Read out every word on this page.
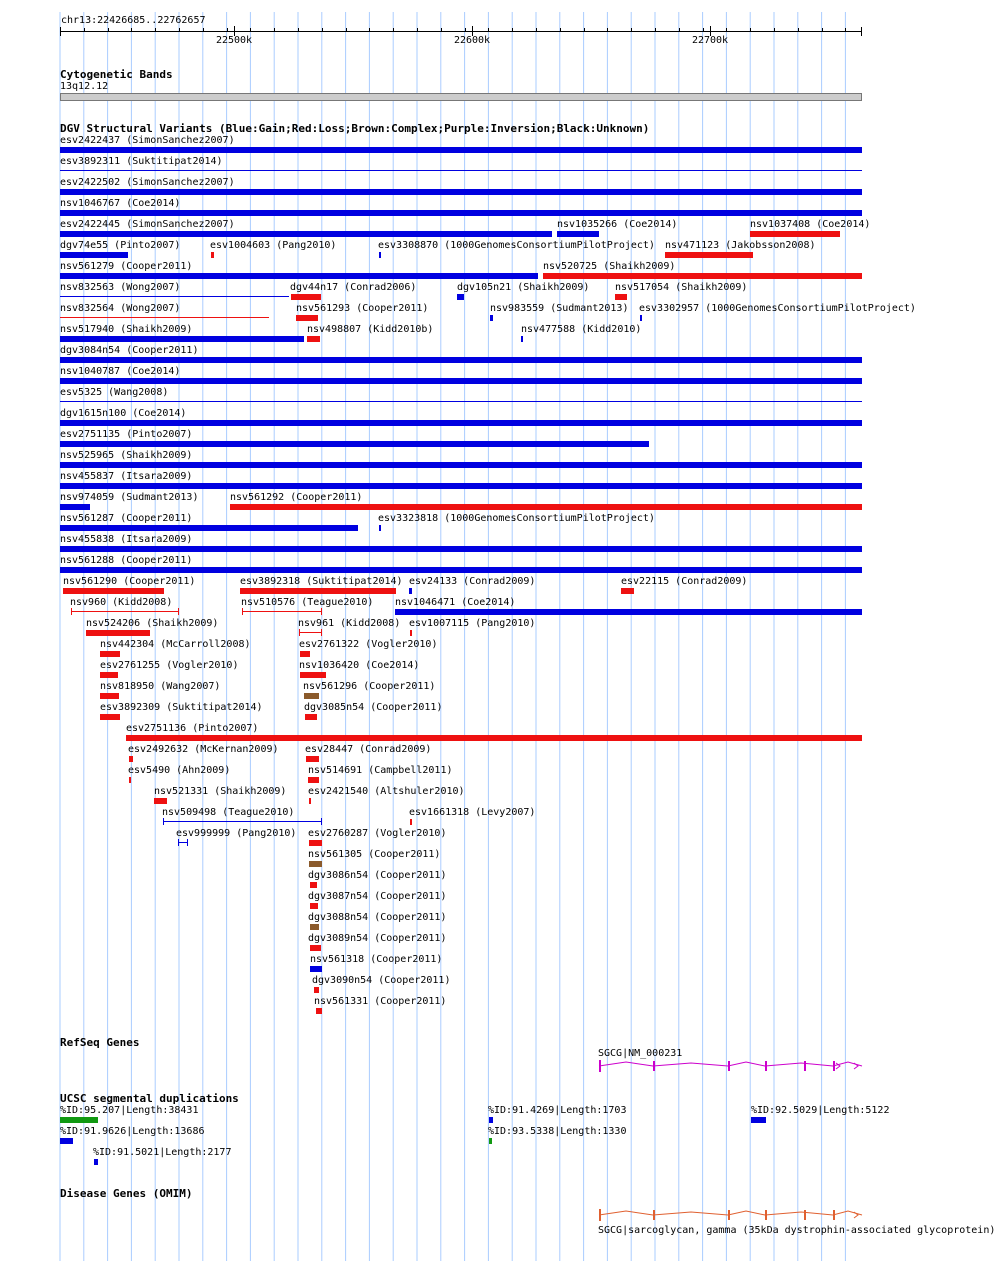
chr13:22426685..22762657
22500k	22600k	22700k
Cytogenetic Bands
13q12.12
DGV Structural Variants (Blue:Gain;Red:Loss;Brown:Complex;Purple:Inversion;Black:Unknown)
esv2422437 (SimonSanchez2007)
esv3892311 (Suktitipat2014)
esv2422502 (SimonSanchez2007)
nsv1046767 (Coe2014)
esv2422445 (SimonSanchez2007)	nsv1035266 (Coe2014)	nsv1037408 (Coe2014)
dgv74e55 (Pinto2007)	esv1004603 (Pang2010)	esv3308870 (1000GenomesConsortiumPilotProject) nsv471123 (Jakobsson2008)
nsv561279 (Cooper2011)	nsv520725 (Shaikh2009)
nsv832563 (Wong2007)	dgv44n17 (Conrad2006)	dgv105n21 (Shaikh2009)	nsv517054 (Shaikh2009)
nsv832564 (Wong2007)	nsv561293 (Cooper2011)	nsv983559 (Sudmant2013) esv3302957 (1000GenomesConsortiumPilotProject)
nsv517940 (Shaikh2009)	nsv498807 (Kidd2010b)	nsv477588 (Kidd2010)
dgv3084n54 (Cooper2011)
nsv1040787 (Coe2014)
esv5325 (Wang2008)
dgv1615n100 (Coe2014)
esv2751135 (Pinto2007)
nsv525965 (Shaikh2009)
nsv455837 (Itsara2009)
nsv974059 (Sudmant2013)	nsv561292 (Cooper2011)
nsv561287 (Cooper2011)	esv3323818 (1000GenomesConsortiumPilotProject)
nsv455838 (Itsara2009)
nsv561288 (Cooper2011)
nsv561290 (Cooper2011)	esv3892318 (Suktitipat2014) esv24133 (Conrad2009)	esv22115 (Conrad2009)
nsv960 (Kidd2008)	nsv510576 (Teague2010) nsv1046471 (Coe2014)
nsv524206 (Shaikh2009)	nsv961 (Kidd2008) esv1007115 (Pang2010)
nsv442304 (McCarroll2008)	esv2761322 (Vogler2010)
esv2761255 (Vogler2010)	nsv1036420 (Coe2014)
nsv818950 (Wang2007)	nsv561296 (Cooper2011)
esv3892309 (Suktitipat2014)	dgv3085n54 (Cooper2011)
esv2751136 (Pinto2007)
esv2492632 (McKernan2009)	esv28447 (Conrad2009)
esv5490 (Ahn2009)	nsv514691 (Campbell2011)
nsv521331 (Shaikh2009) esv2421540 (Altshuler2010)
nsv509498 (Teague2010)	esv1661318 (Levy2007)
esv999999 (Pang2010) esv2760287 (Vogler2010)
nsv561305 (Cooper2011)
dgv3086n54 (Cooper2011)
dgv3087n54 (Cooper2011)
dgv3088n54 (Cooper2011)
dgv3089n54 (Cooper2011)
nsv561318 (Cooper2011)
dgv3090n54 (Cooper2011)
nsv561331 (Cooper2011)
RefSeq Genes
SGCG|NM_000231
UCSC segmental duplications
%ID:95.207|Length:38431
%ID:91.9626|Length:13686
%ID:91.5021|Length:2177
%ID:91.4269|Length:1703
%ID:93.5338|Length:1330
%ID:92.5029|Length:5122
Disease Genes (OMIM)
SGCG|sarcoglycan, gamma (35kDa dystrophin-associated glycoprotein)
